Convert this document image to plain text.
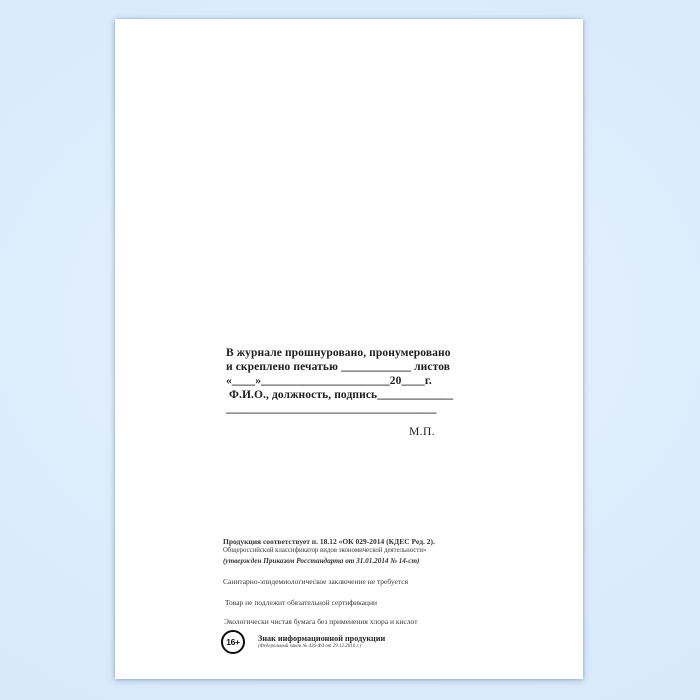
В журнале прошнуровано, пронумеровано
и скреплено печатью ____________ листов
«____»______________________20____г.
Ф.И.О., должность, подпись_____________
____________________________________
М.П.
Продукция соответствует п. 18.12 «ОК 029-2014 (КДЕС Ред. 2).
Общероссийский классификатор видов экономической деятельности»
(утвержден Приказом Росстандарта от 31.01.2014 № 14-ст)
Санитарно-эпидемиологическое заключение не требуется
Товар не подлежит обязательной сертификации
Экологически чистая бумага без применения хлора и кислот
16+	Знак информационной продукции
(Федеральный закон № 436-ФЗ от 29.12.2010 г.)
